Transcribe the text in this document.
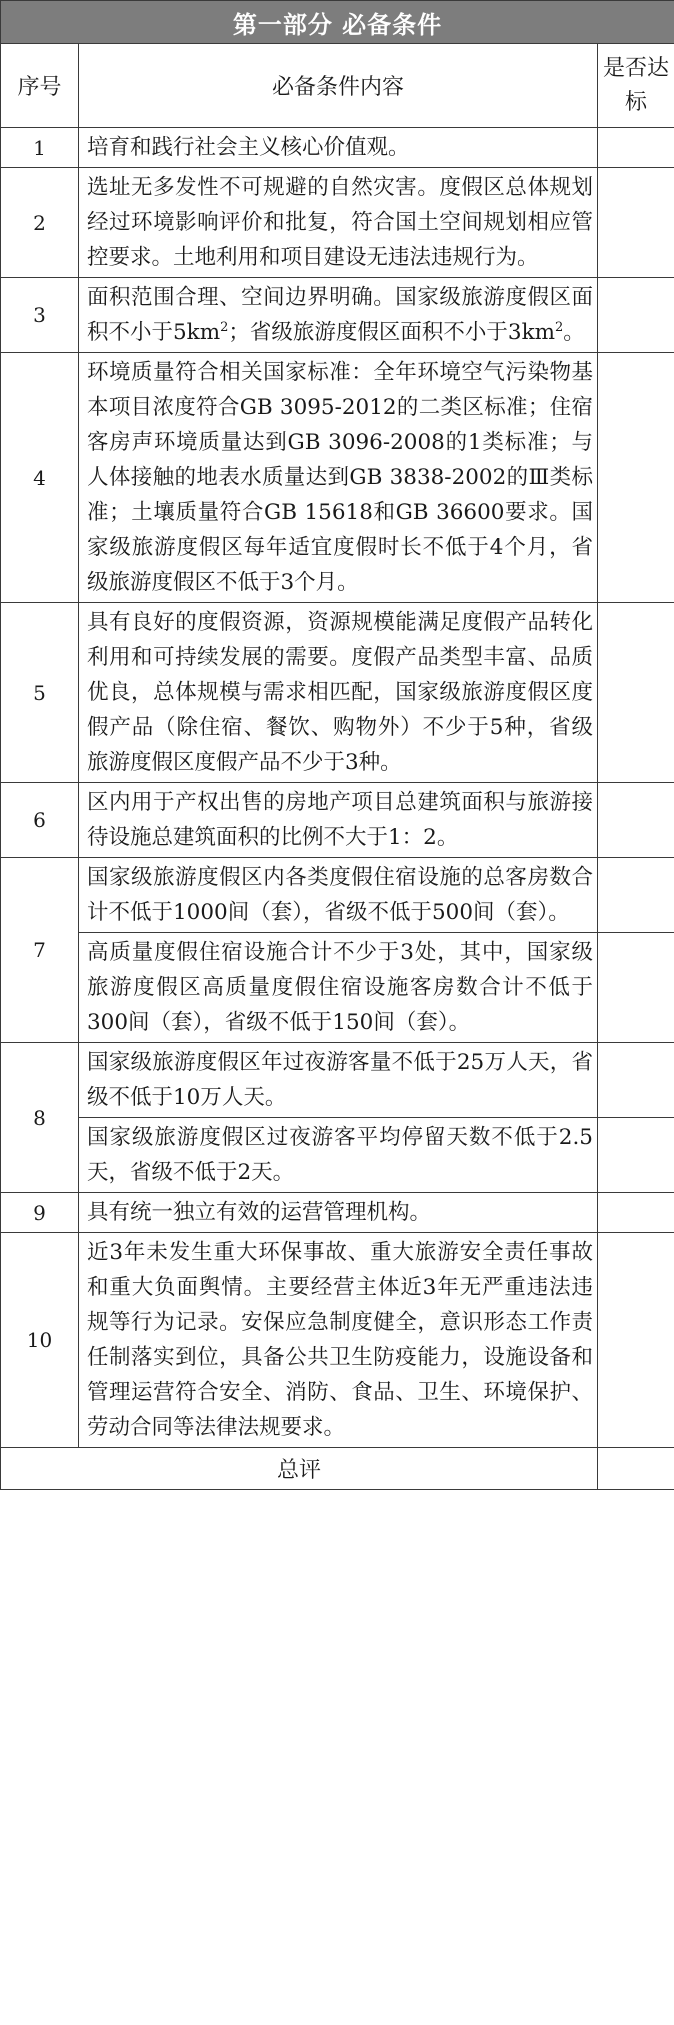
第一部分 必备条件		
序号	必备条件内容	是否达标
1	培育和践行社会主义核心价值观。	
2	选址无多发性不可规避的自然灾害。度假区总体规划经过环境影响评价和批复，符合国土空间规划相应管控要求。土地利用和项目建设无违法违规行为。	
3	面积范围合理、空间边界明确。国家级旅游度假区面积不小于$5km^2$；省级旅游度假区面积不小于$3km^2$。	
4	环境质量符合相关国家标准：全年环境空气污染物基本项目浓度符合GB 3095-2012的二类区标准；住宿客房声环境质量达到GB 3096-2008的1类标准；与人体接触的地表水质量达到GB 3838-2002的Ⅲ类标准；土壤质量符合GB 15618和GB 36600要求。国家级旅游度假区每年适宜度假时长不低于4个月，省级旅游度假区不低于3个月。	
5	具有良好的度假资源，资源规模能满足度假产品转化利用和可持续发展的需要。度假产品类型丰富、品质优良，总体规模与需求相匹配，国家级旅游度假区度假产品（除住宿、餐饮、购物外）不少于5种，省级旅游度假区度假产品不少于3种。	
6	区内用于产权出售的房地产项目总建筑面积与旅游接待设施总建筑面积的比例不大于1：2。	
7	国家级旅游度假区内各类度假住宿设施的总客房数合计不低于1000间（套），省级不低于500间（套）。	
	高质量度假住宿设施合计不少于3处，其中，国家级旅游度假区高质量度假住宿设施客房数合计不低于300间（套），省级不低于150间（套）。	
8	国家级旅游度假区年过夜游客量不低于25万人天，省级不低于10万人天。	
	国家级旅游度假区过夜游客平均停留天数不低于2.5天，省级不低于2天。	
9	具有统一独立有效的运营管理机构。	
10	近3年未发生重大环保事故、重大旅游安全责任事故和重大负面舆情。主要经营主体近3年无严重违法违规等行为记录。安保应急制度健全，意识形态工作责任制落实到位，具备公共卫生防疫能力，设施设备和管理运营符合安全、消防、食品、卫生、环境保护、劳动合同等法律法规要求。	
总评		
